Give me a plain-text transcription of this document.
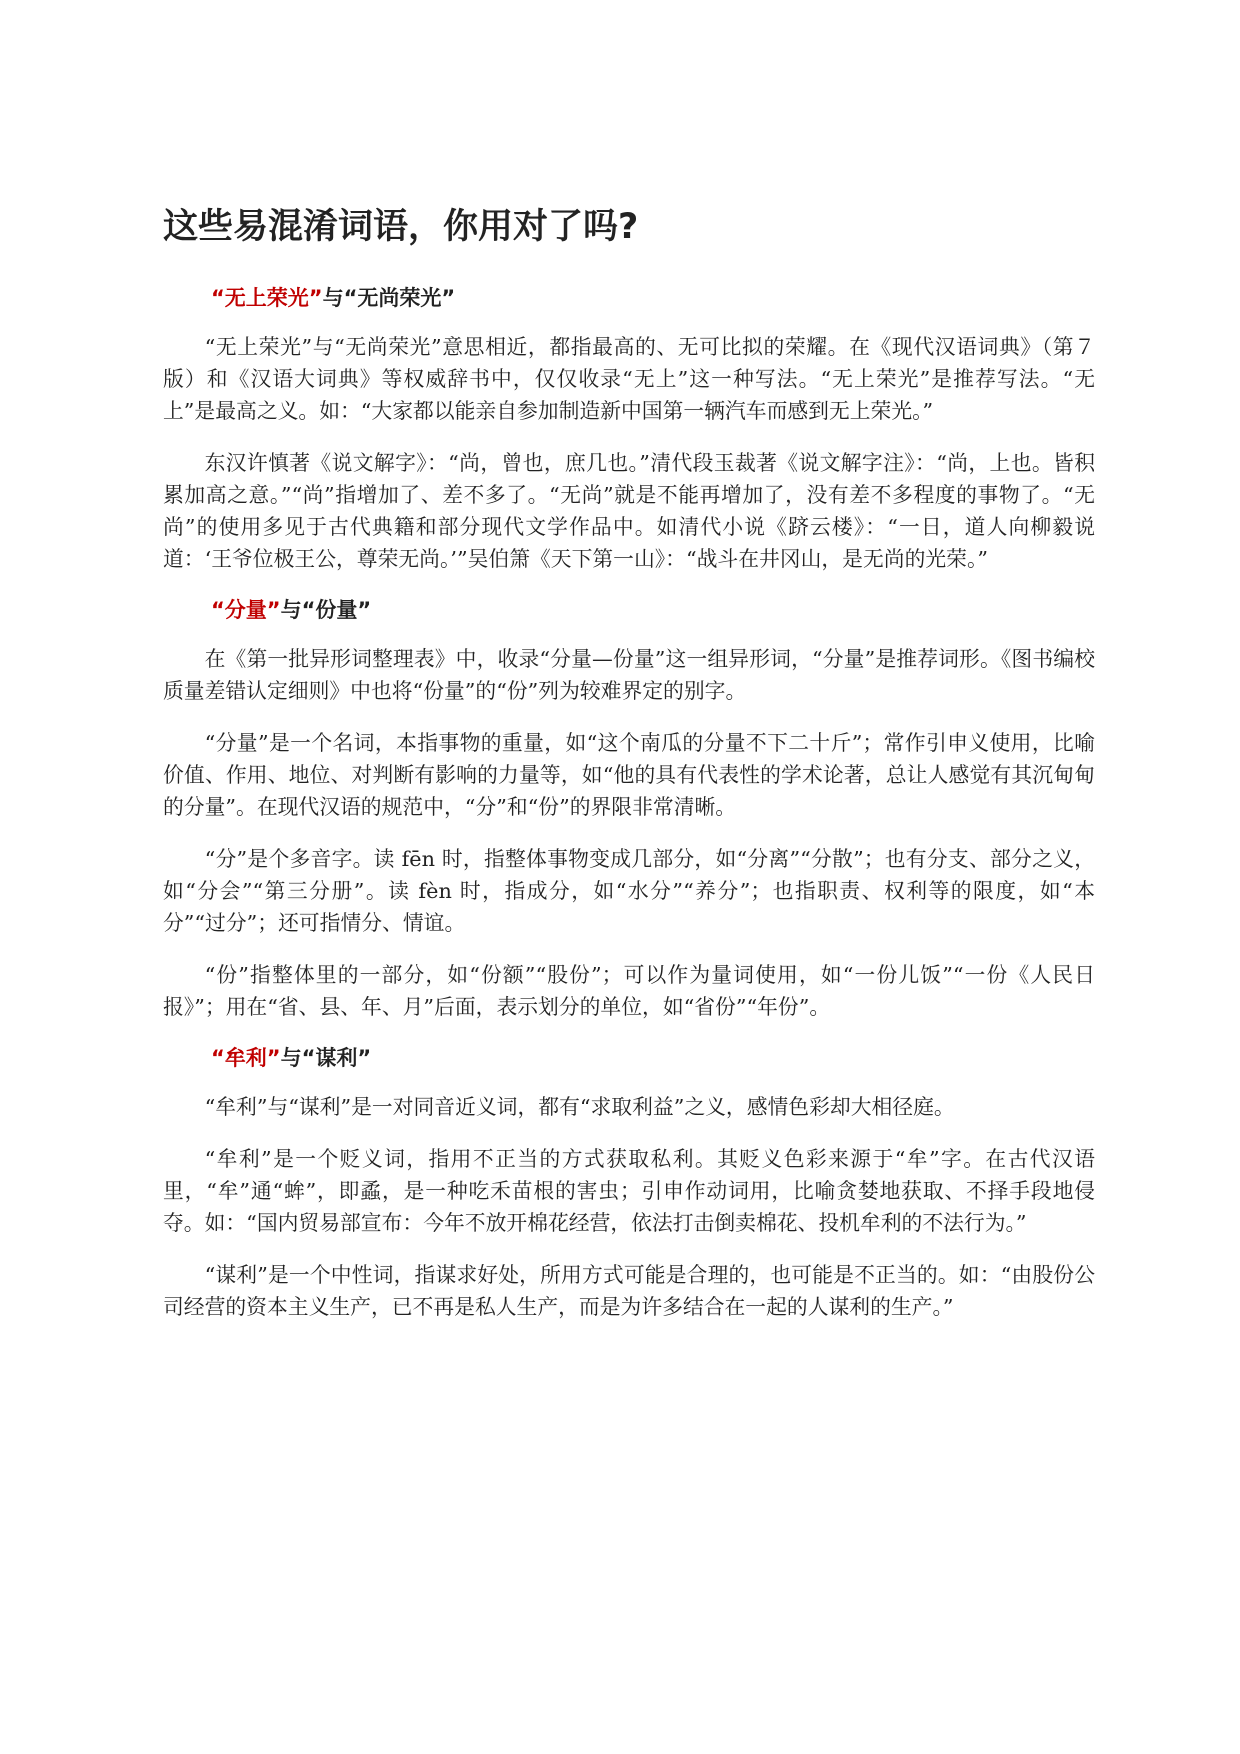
这些易混淆词语，你用对了吗?
“无上荣光”与“无尚荣光”

“无上荣光”与“无尚荣光”意思相近，都指最高的、无可比拟的荣耀。在《现代汉语词典》（第７版）和《汉语大词典》等权威辞书中，仅仅收录“无上”这一种写法。“无上荣光”是推荐写法。“无上”是最高之义。如：“大家都以能亲自参加制造新中国第一辆汽车而感到无上荣光。”

东汉许慎著《说文解字》：“尚，曾也，庶几也。”清代段玉裁著《说文解字注》：“尚，上也。皆积累加高之意。”“尚”指增加了、差不多了。“无尚”就是不能再增加了，没有差不多程度的事物了。“无尚”的使用多见于古代典籍和部分现代文学作品中。如清代小说《跻云楼》：“一日，道人向柳毅说道：‘王爷位极王公，尊荣无尚。’”吴伯箫《天下第一山》：“战斗在井冈山，是无尚的光荣。”

“分量”与“份量”

在《第一批异形词整理表》中，收录“分量—份量”这一组异形词，“分量”是推荐词形。《图书编校质量差错认定细则》中也将“份量”的“份”列为较难界定的别字。

“分量”是一个名词，本指事物的重量，如“这个南瓜的分量不下二十斤”；常作引申义使用，比喻价值、作用、地位、对判断有影响的力量等，如“他的具有代表性的学术论著，总让人感觉有其沉甸甸的分量”。在现代汉语的规范中，“分”和“份”的界限非常清晰。

“分”是个多音字。读 fēn 时，指整体事物变成几部分，如“分离”“分散”；也有分支、部分之义，如“分会”“第三分册”。读 fèn 时，指成分，如“水分”“养分”；也指职责、权利等的限度，如“本分”“过分”；还可指情分、情谊。

“份”指整体里的一部分，如“份额”“股份”；可以作为量词使用，如“一份儿饭”“一份《人民日报》”；用在“省、县、年、月”后面，表示划分的单位，如“省份”“年份”。

“牟利”与“谋利”

“牟利”与“谋利”是一对同音近义词，都有“求取利益”之义，感情色彩却大相径庭。

“牟利”是一个贬义词，指用不正当的方式获取私利。其贬义色彩来源于“牟”字。在古代汉语里，“牟”通“蛑”，即蟊，是一种吃禾苗根的害虫；引申作动词用，比喻贪婪地获取、不择手段地侵夺。如：“国内贸易部宣布：今年不放开棉花经营，依法打击倒卖棉花、投机牟利的不法行为。”

“谋利”是一个中性词，指谋求好处，所用方式可能是合理的，也可能是不正当的。如：“由股份公司经营的资本主义生产，已不再是私人生产，而是为许多结合在一起的人谋利的生产。”
